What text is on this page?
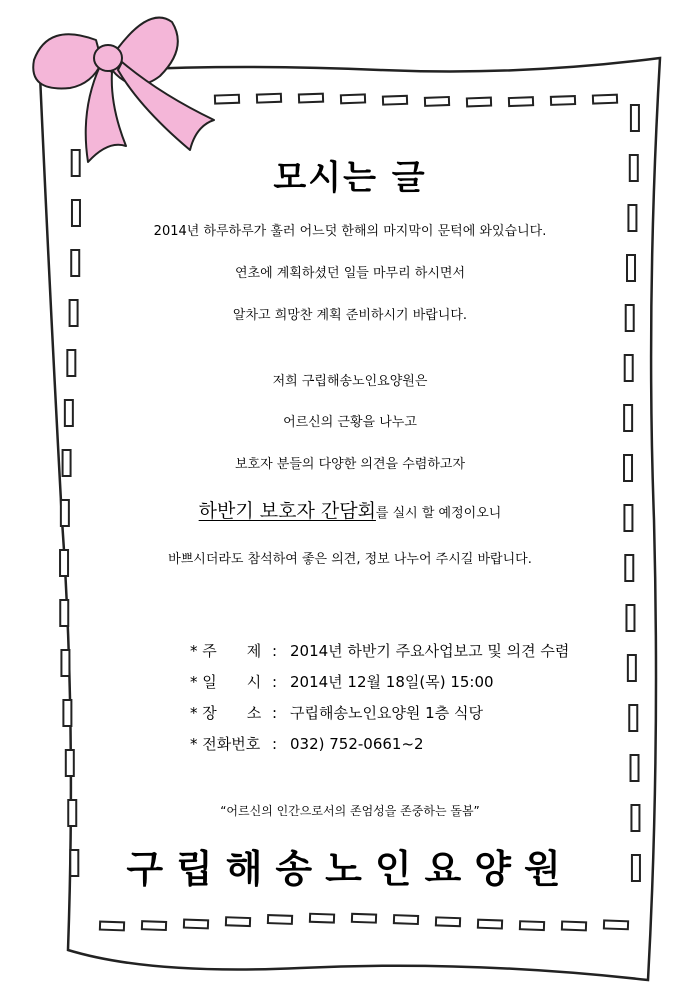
모시는 글
2014년 하루하루가 훌러 어느덧 한해의 마지막이 문턱에 와있습니다.
연초에 계획하셨던 일들 마무리 하시면서
알차고 희망찬 계획 준비하시기 바랍니다.
저희 구립해송노인요양원은
어르신의 근황을 나누고
보호자 분들의 다양한 의견을 수렴하고자
하반기 보호자 간담회를 실시 할 예정이오니
바쁘시더라도 참석하여 좋은 의견, 정보 나누어 주시길 바랍니다.
* 주　　제 : 2014년 하반기 주요사업보고 및 의견 수렴
* 일　　시 : 2014년 12월 18일(목) 15:00
* 장　　소 : 구립해송노인요양원 1층 식당
* 전화번호 : 032) 752-0661~2
“어르신의 인간으로서의 존엄성을 존중하는 돌봄”
구립해송노인요양원
